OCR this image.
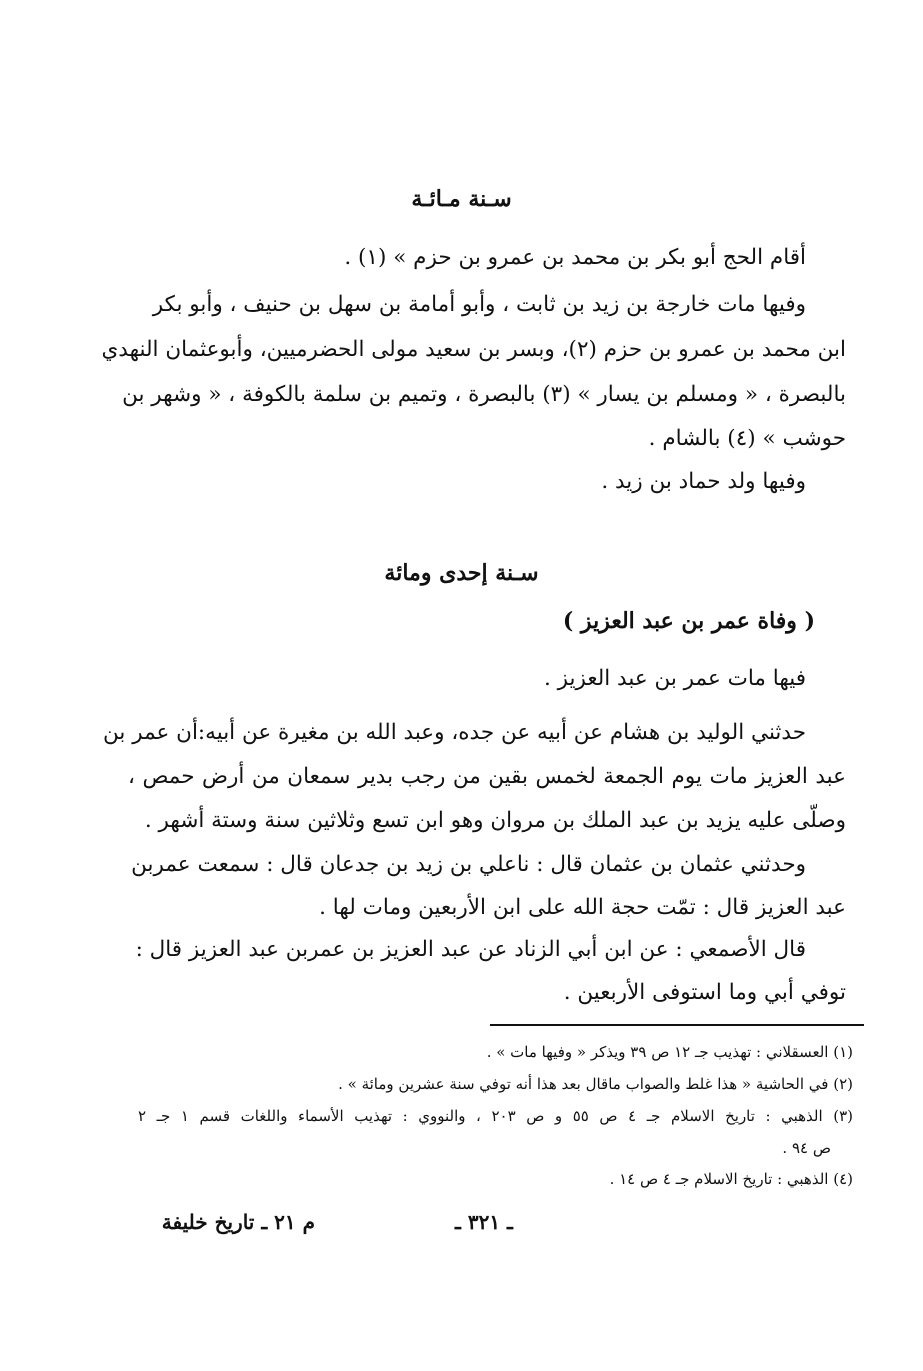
سـنة مـائـة
أقام الحج أبو بكر بن محمد بن عمرو بن حزم » (١) .
وفيها مات خارجة بن زيد بن ثابت ، وأبو أمامة بن سهل بن حنيف ، وأبو بكر
ابن محمد بن عمرو بن حزم (٢)، وبسر بن سعيد مولى الحضرميين، وأبوعثمان النهدي
بالبصرة ، « ومسلم بن يسار » (٣) بالبصرة ، وتميم بن سلمة بالكوفة ، « وشهر بن
حوشب » (٤) بالشام .
وفيها ولد حماد بن زيد .
سـنة إحدى ومائة
( وفاة عمر بن عبد العزيز )
فيها مات عمر بن عبد العزيز .
حدثني الوليد بن هشام عن أبيه عن جده، وعبد الله بن مغيرة عن أبيه:أن عمر بن
عبد العزيز مات يوم الجمعة لخمس بقين من رجب بدير سمعان من أرض حمص ،
وصلّى عليه يزيد بن عبد الملك بن مروان وهو ابن تسع وثلاثين سنة وستة أشهر .
وحدثني عثمان بن عثمان قال : ناعلي بن زيد بن جدعان قال : سمعت عمربن
عبد العزيز قال : تمّت حجة الله على ابن الأربعين ومات لها .
قال الأصمعي : عن ابن أبي الزناد عن عبد العزيز بن عمربن عبد العزيز قال :
توفي أبي وما استوفى الأربعين .
(١) العسقلاني : تهذيب جـ ١٢ ص ٣٩ ويذكر « وفيها مات » .
(٢) في الحاشية « هذا غلط والصواب ماقال بعد هذا أنه توفي سنة عشرين ومائة » .
(٣) الذهبي : تاريخ الاسلام جـ ٤ ص ٥٥ و ص ٢٠٣ ، والنووي : تهذيب الأسماء واللغات قسم ١ جـ ٢
ص ٩٤ .
(٤) الذهبي : تاريخ الاسلام جـ ٤ ص ١٤ .
ـ ٣٢١ ـ
م ٢١ ـ تاريخ خليفة
